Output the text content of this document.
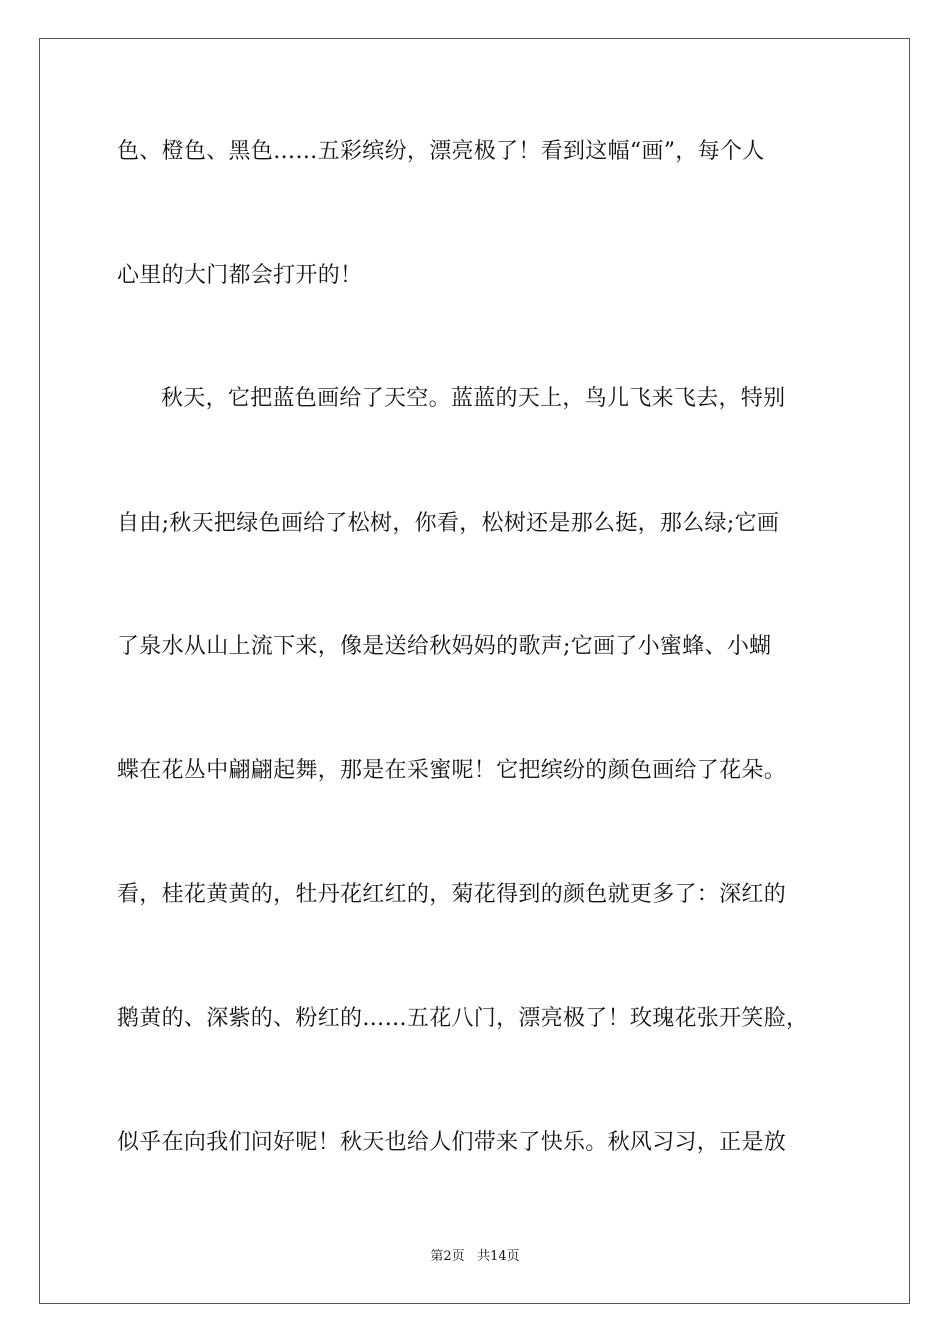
色、橙色、黑色……五彩缤纷，漂亮极了！看到这幅“画”，每个人
心里的大门都会打开的！
秋天，它把蓝色画给了天空。蓝蓝的天上，鸟儿飞来飞去，特别
自由;秋天把绿色画给了松树，你看，松树还是那么挺，那么绿;它画
了泉水从山上流下来，像是送给秋妈妈的歌声;它画了小蜜蜂、小蝴
蝶在花丛中翩翩起舞，那是在采蜜呢！它把缤纷的颜色画给了花朵。
看，桂花黄黄的，牡丹花红红的，菊花得到的颜色就更多了：深红的
鹅黄的、深紫的、粉红的……五花八门，漂亮极了！玫瑰花张开笑脸，
似乎在向我们问好呢！秋天也给人们带来了快乐。秋风习习，正是放
第2页 共14页
